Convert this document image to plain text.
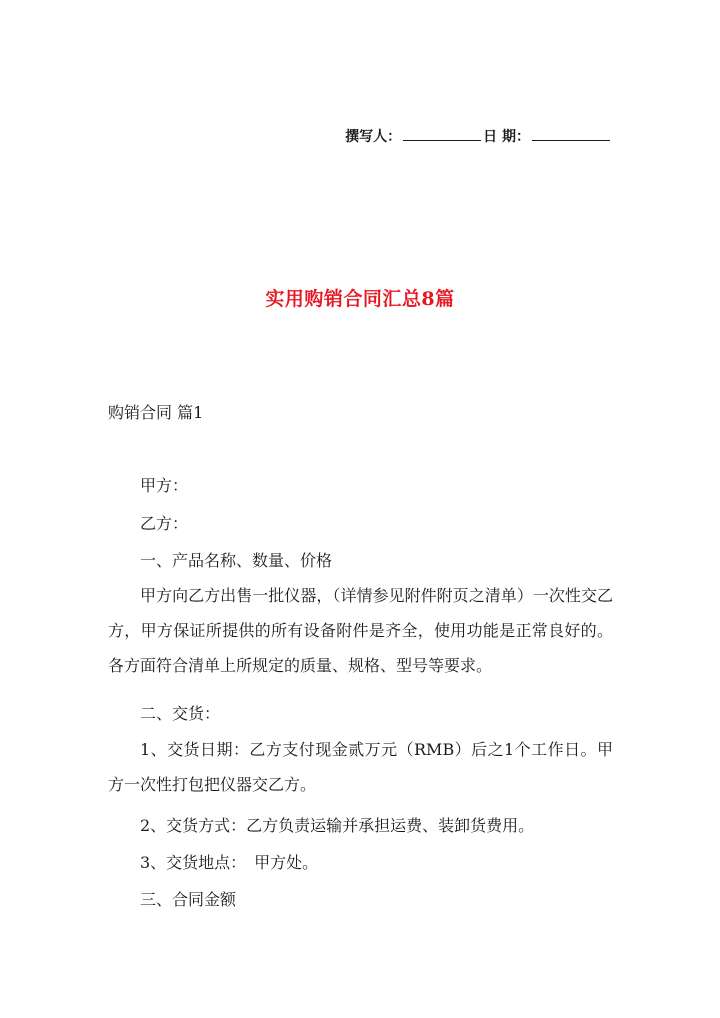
撰写人：	日 期：
实用购销合同汇总8篇
购销合同 篇1
甲方：
乙方：
一、产品名称、数量、价格
甲方向乙方出售一批仪器，（详情参见附件附页之清单）一次性交乙方，甲方保证所提供的所有设备附件是齐全，使用功能是正常良好的。各方面符合清单上所规定的质量、规格、型号等要求。
二、交货：
1、交货日期：乙方支付现金贰万元（RMB）后之1个工作日。甲方一次性打包把仪器交乙方。
2、交货方式：乙方负责运输并承担运费、装卸货费用。
3、交货地点：　甲方处。
三、合同金额
